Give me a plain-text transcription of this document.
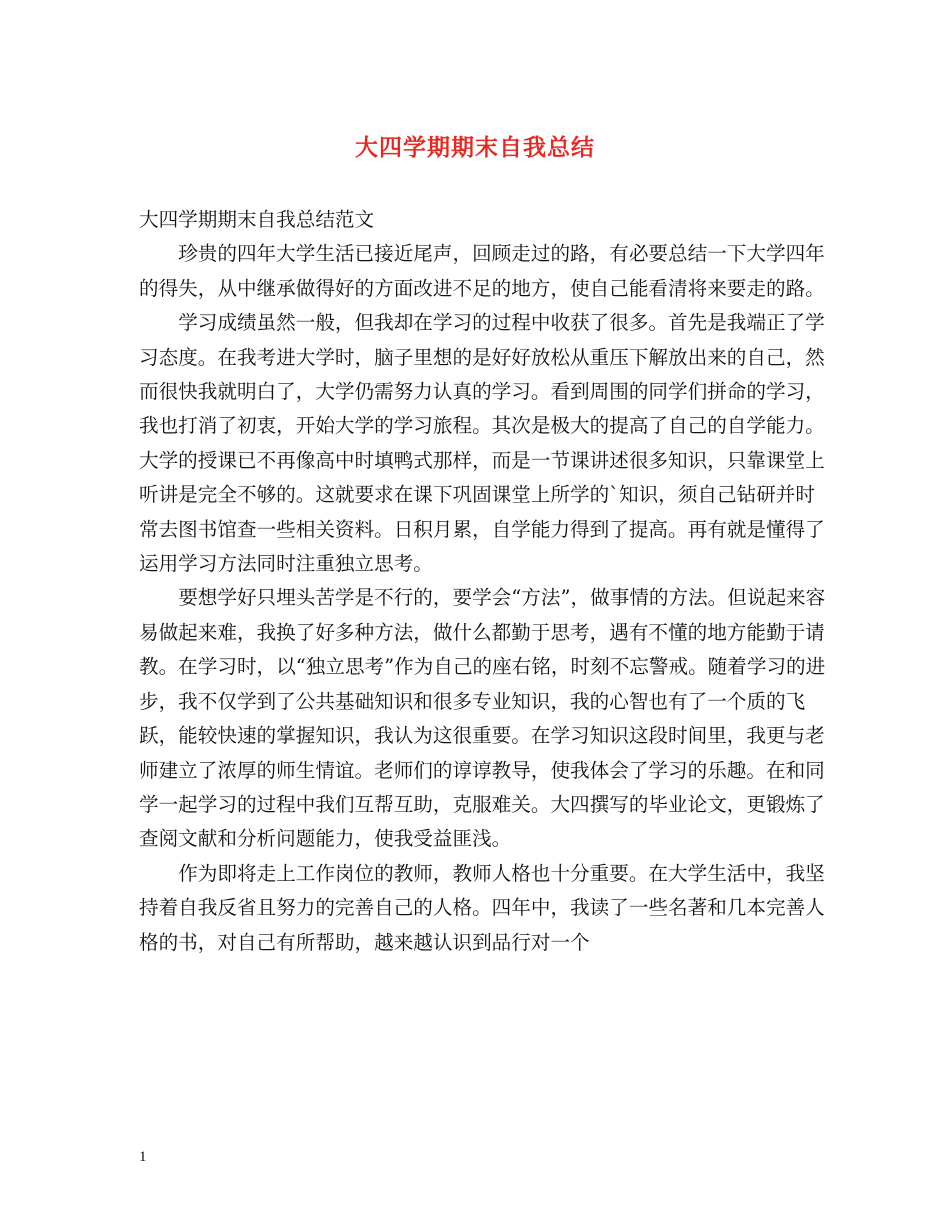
大四学期期末自我总结

大四学期期末自我总结范文

珍贵的四年大学生活已接近尾声，回顾走过的路，有必要总结一下大学四年的得失，从中继承做得好的方面改进不足的地方，使自己能看清将来要走的路。

学习成绩虽然一般，但我却在学习的过程中收获了很多。首先是我端正了学习态度。在我考进大学时，脑子里想的是好好放松从重压下解放出来的自己，然而很快我就明白了，大学仍需努力认真的学习。看到周围的同学们拼命的学习，我也打消了初衷，开始大学的学习旅程。其次是极大的提高了自己的自学能力。大学的授课已不再像高中时填鸭式那样，而是一节课讲述很多知识，只靠课堂上听讲是完全不够的。这就要求在课下巩固课堂上所学的`知识，须自己钻研并时常去图书馆查一些相关资料。日积月累，自学能力得到了提高。再有就是懂得了运用学习方法同时注重独立思考。

要想学好只埋头苦学是不行的，要学会“方法”，做事情的方法。但说起来容易做起来难，我换了好多种方法，做什么都勤于思考，遇有不懂的地方能勤于请教。在学习时，以“独立思考”作为自己的座右铭，时刻不忘警戒。随着学习的进步，我不仅学到了公共基础知识和很多专业知识，我的心智也有了一个质的飞跃，能较快速的掌握知识，我认为这很重要。在学习知识这段时间里，我更与老师建立了浓厚的师生情谊。老师们的谆谆教导，使我体会了学习的乐趣。在和同学一起学习的过程中我们互帮互助，克服难关。大四撰写的毕业论文，更锻炼了查阅文献和分析问题能力，使我受益匪浅。

作为即将走上工作岗位的教师，教师人格也十分重要。在大学生活中，我坚持着自我反省且努力的完善自己的人格。四年中，我读了一些名著和几本完善人格的书，对自己有所帮助，越来越认识到品行对一个

1
